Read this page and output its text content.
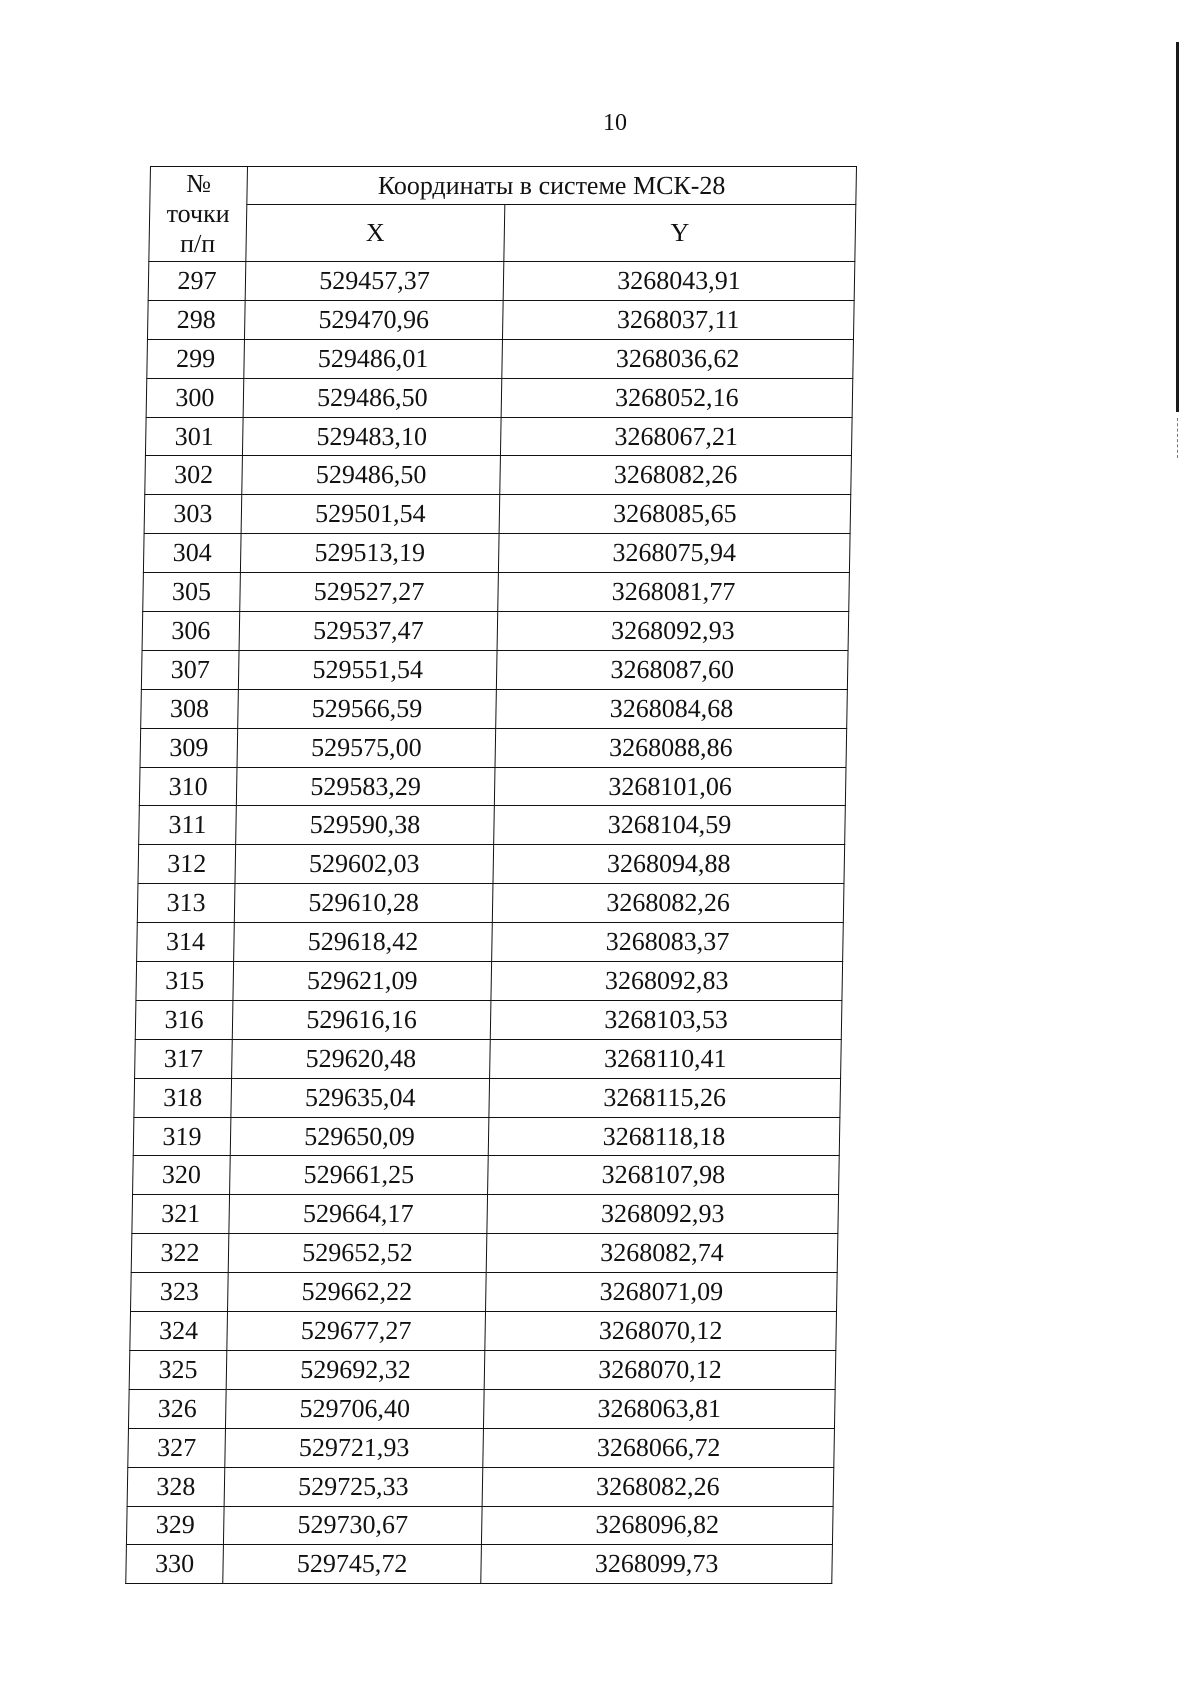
10
№
точки
п/п	Координаты в системе МСК-28	
	X	Y
297	529457,37	3268043,91
298	529470,96	3268037,11
299	529486,01	3268036,62
300	529486,50	3268052,16
301	529483,10	3268067,21
302	529486,50	3268082,26
303	529501,54	3268085,65
304	529513,19	3268075,94
305	529527,27	3268081,77
306	529537,47	3268092,93
307	529551,54	3268087,60
308	529566,59	3268084,68
309	529575,00	3268088,86
310	529583,29	3268101,06
311	529590,38	3268104,59
312	529602,03	3268094,88
313	529610,28	3268082,26
314	529618,42	3268083,37
315	529621,09	3268092,83
316	529616,16	3268103,53
317	529620,48	3268110,41
318	529635,04	3268115,26
319	529650,09	3268118,18
320	529661,25	3268107,98
321	529664,17	3268092,93
322	529652,52	3268082,74
323	529662,22	3268071,09
324	529677,27	3268070,12
325	529692,32	3268070,12
326	529706,40	3268063,81
327	529721,93	3268066,72
328	529725,33	3268082,26
329	529730,67	3268096,82
330	529745,72	3268099,73
